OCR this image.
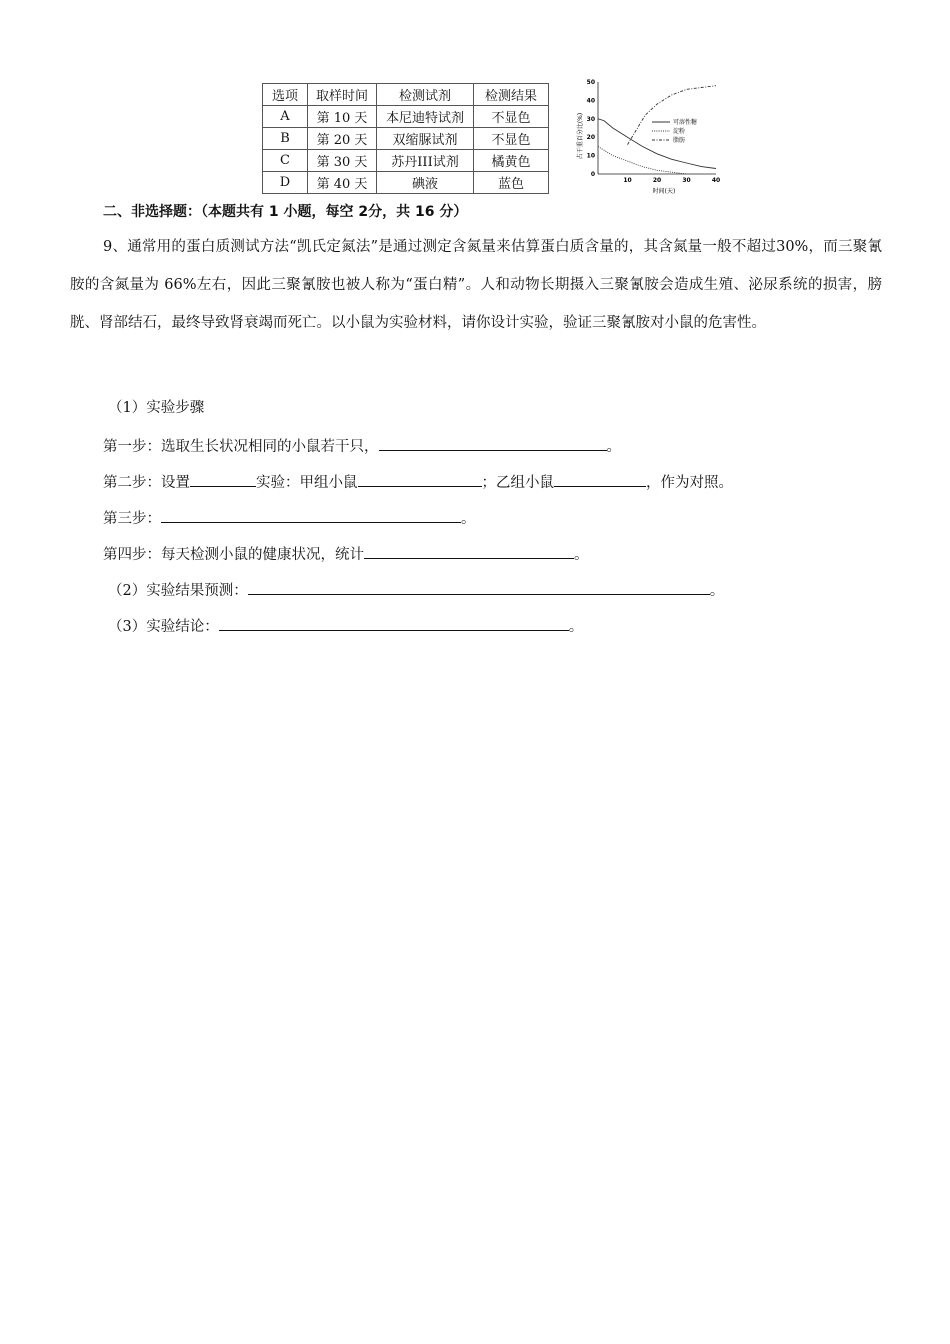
选项	取样时间	检测试剂	检测结果
A	第 10 天	本尼迪特试剂	不显色
B	第 20 天	双缩脲试剂	不显色
C	第 30 天	苏丹III试剂	橘黄色
D	第 40 天	碘液	蓝色
占干重百分比(%)
0
10
20
30
40
50
10	20	30	40
可溶性糖
淀粉
脂肪
时间(天)
二、非选择题：（本题共有 1 小题，每空 2分，共 16 分）
9、通常用的蛋白质测试方法“凯氏定氮法”是通过测定含氮量来估算蛋白质含量的，其含氮量一般不超过30%，而三聚氰胺的含氮量为 66%左右，因此三聚氰胺也被人称为“蛋白精”。人和动物长期摄入三聚氰胺会造成生殖、泌尿系统的损害，膀胱、肾部结石，最终导致肾衰竭而死亡。以小鼠为实验材料，请你设计实验，验证三聚氰胺对小鼠的危害性。
（1）实验步骤
第一步：选取生长状况相同的小鼠若干只，	。
第二步：设置	实验：甲组小鼠	；乙组小鼠	，作为对照。
第三步：	。
第四步：每天检测小鼠的健康状况，统计	。
（2）实验结果预测：	。
（3）实验结论：	。
